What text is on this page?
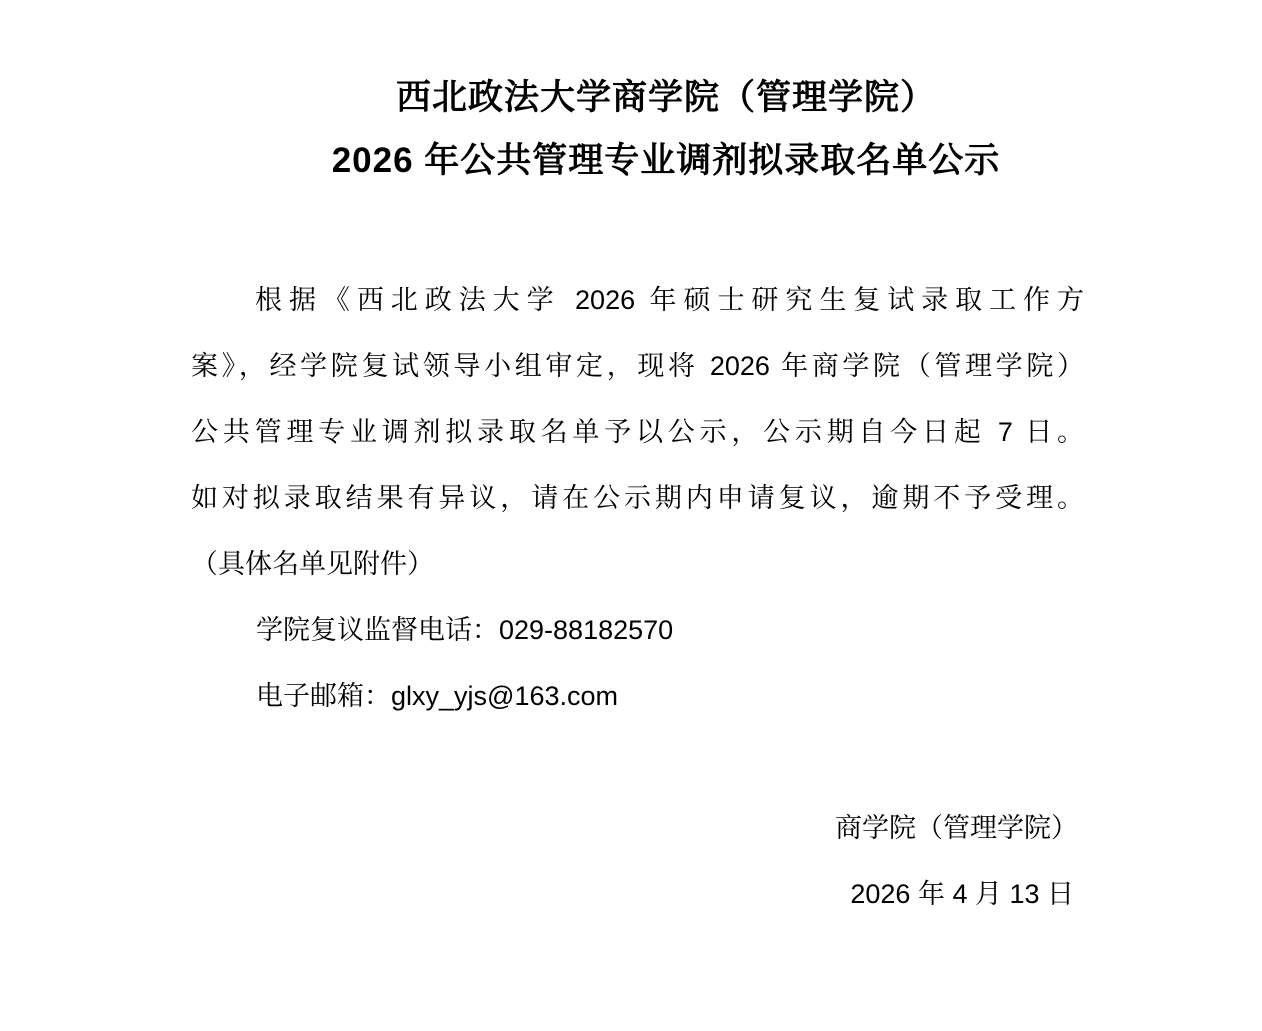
西北政法大学商学院（管理学院）
2026 年公共管理专业调剂拟录取名单公示
根据《西北政法大学 2026 年硕士研究生复试录取工作方
案》，经学院复试领导小组审定，现将 2026 年商学院（管理学院）
公共管理专业调剂拟录取名单予以公示，公示期自今日起 7 日。
如对拟录取结果有异议，请在公示期内申请复议，逾期不予受理。
（具体名单见附件）
学院复议监督电话：029-88182570
电子邮箱：glxy_yjs@163.com
商学院（管理学院）
2026 年 4 月 13 日
